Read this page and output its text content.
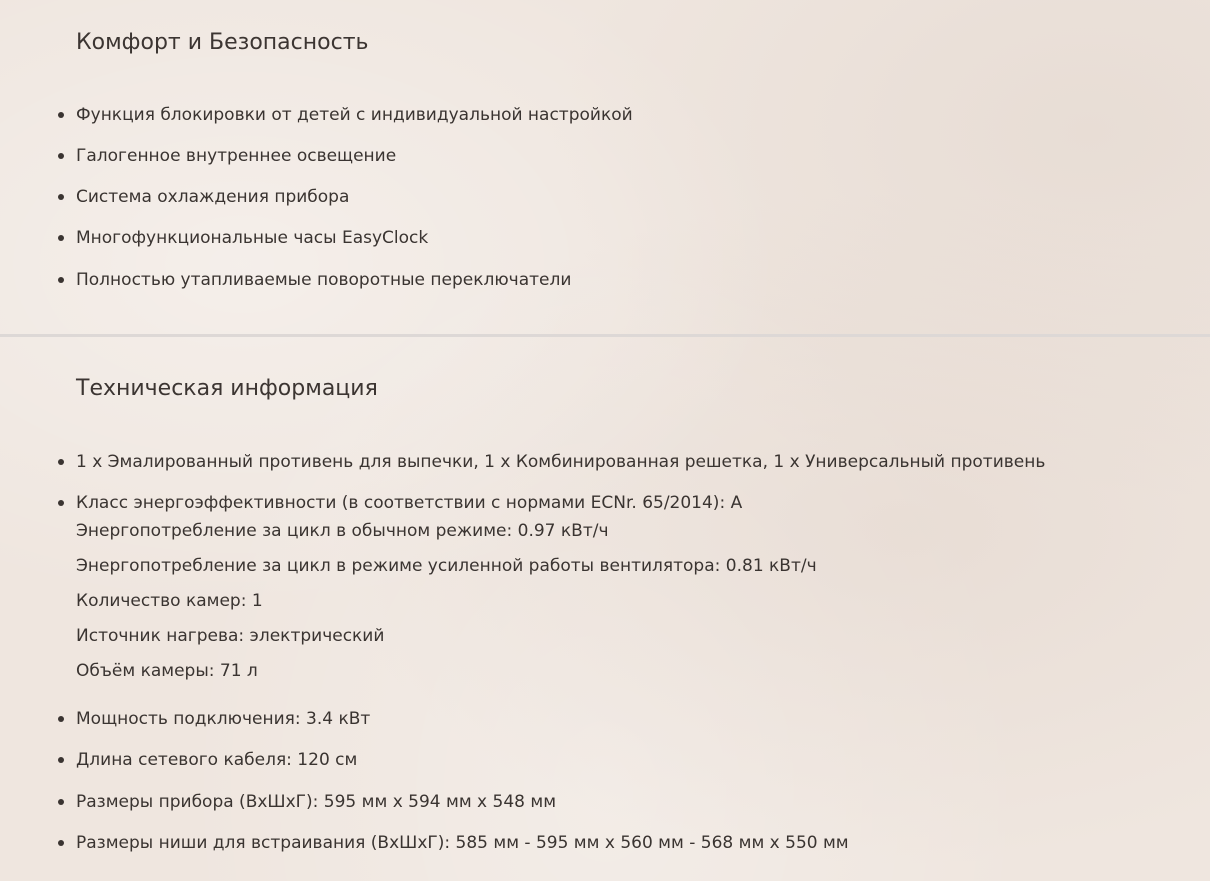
Комфорт и Безопасность
Функция блокировки от детей с индивидуальной настройкой
Галогенное внутреннее освещение
Система охлаждения прибора
Многофункциональные часы EasyClock
Полностью утапливаемые поворотные переключатели
Техническая информация
1 x Эмалированный противень для выпечки, 1 x Комбинированная решетка, 1 x Универсальный противень
Класс энергоэффективности (в соответствии с нормами ECNr. 65/2014): A
Энергопотребление за цикл в обычном режиме: 0.97 кВт/ч
Энергопотребление за цикл в режиме усиленной работы вентилятора: 0.81 кВт/ч
Количество камер: 1
Источник нагрева: электрический
Объём камеры: 71 л
Мощность подключения: 3.4 кВт
Длина сетевого кабеля: 120 см
Размеры прибора (ВхШхГ): 595 мм x 594 мм x 548 мм
Размеры ниши для встраивания (ВхШхГ): 585 мм - 595 мм x 560 мм - 568 мм x 550 мм
